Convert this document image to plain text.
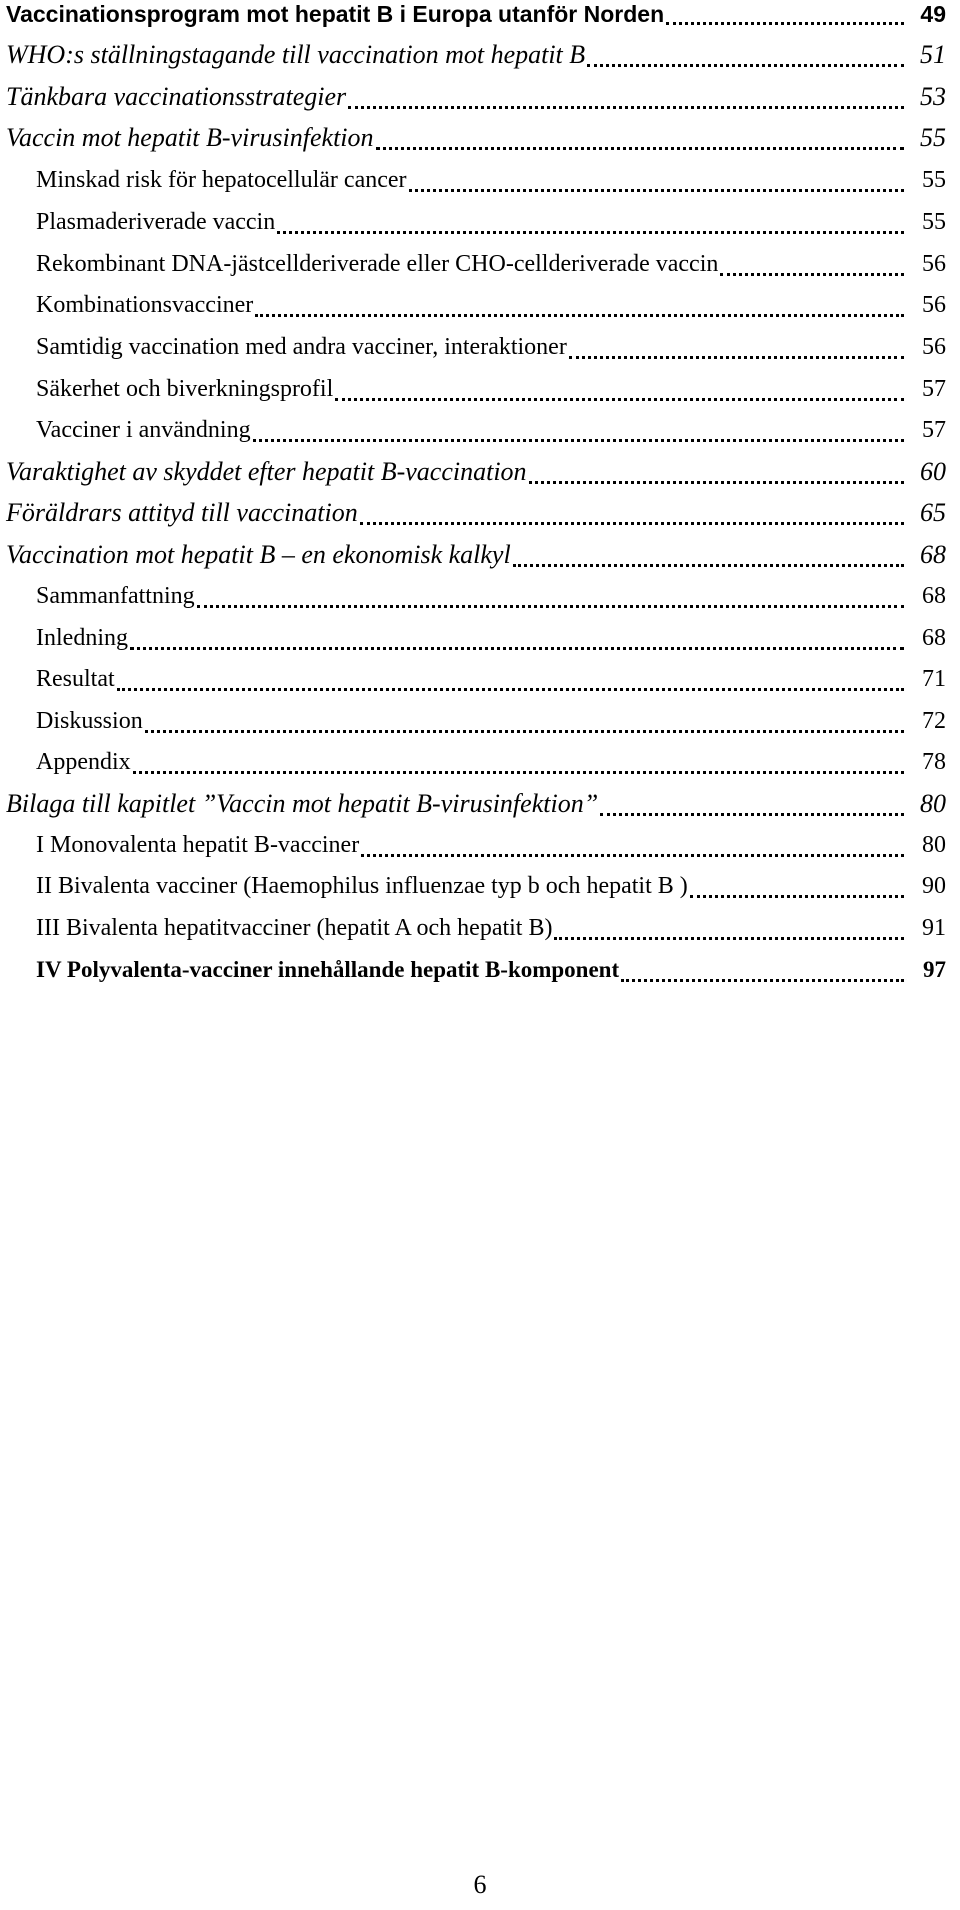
Vaccinationsprogram mot hepatit B i Europa utanför Norden	49
WHO:s ställningstagande till vaccination mot hepatit B	51
Tänkbara vaccinationsstrategier	53
Vaccin mot hepatit B-virusinfektion	55
Minskad risk för hepatocellulär cancer	55
Plasmaderiverade vaccin	55
Rekombinant DNA-jästcellderiverade eller CHO-cellderiverade vaccin	56
Kombinationsvacciner	56
Samtidig vaccination med andra vacciner, interaktioner	56
Säkerhet och biverkningsprofil	57
Vacciner i användning	57
Varaktighet av skyddet efter hepatit B-vaccination	60
Föräldrars attityd till vaccination	65
Vaccination mot hepatit B – en ekonomisk kalkyl	68
Sammanfattning	68
Inledning	68
Resultat	71
Diskussion	72
Appendix	78
Bilaga till kapitlet ”Vaccin mot hepatit B-virusinfektion”	80
I Monovalenta hepatit B-vacciner	80
II Bivalenta vacciner (Haemophilus influenzae typ b och hepatit B )	90
III Bivalenta hepatitvacciner (hepatit A och hepatit B)	91
IV Polyvalenta-vacciner innehållande hepatit B-komponent	97
6
